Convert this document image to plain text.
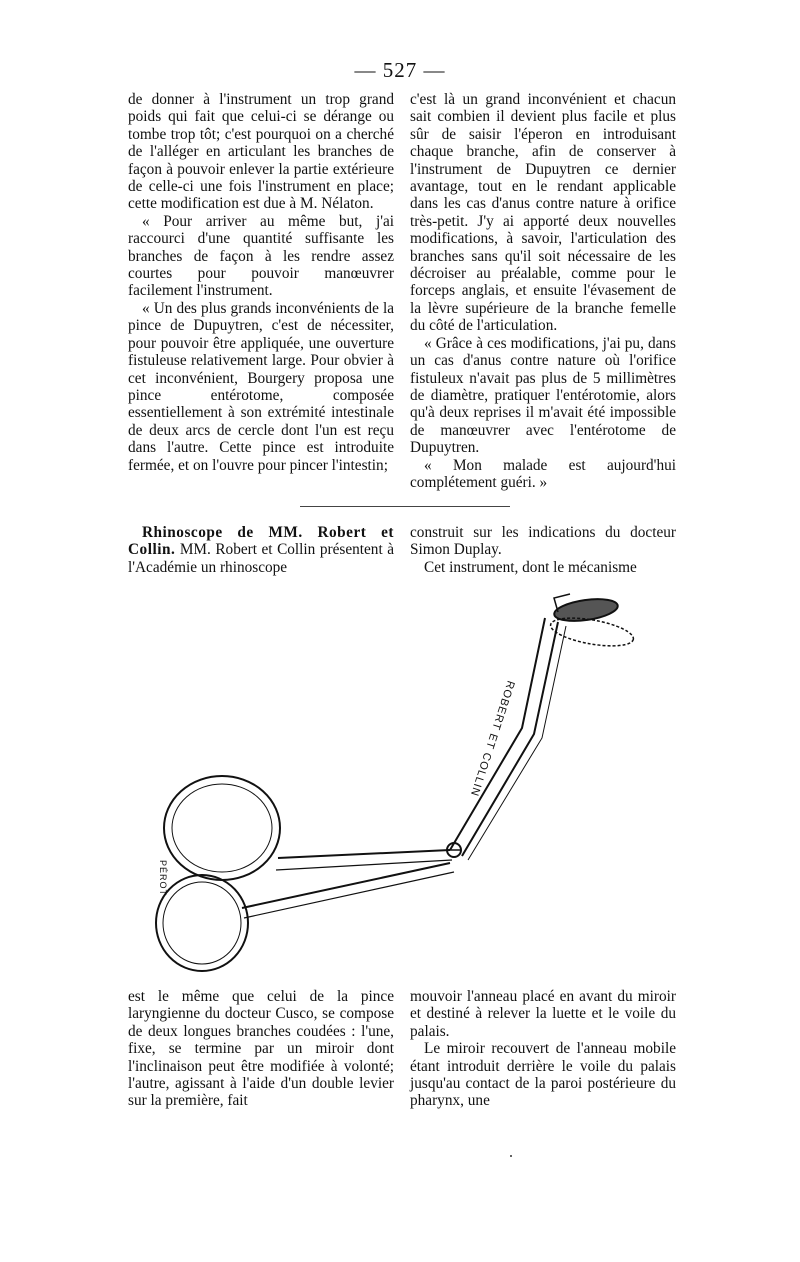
— 527 —

de donner à l'instrument un trop grand poids qui fait que celui-ci se dérange ou tombe trop tôt; c'est pourquoi on a cherché de l'alléger en articulant les branches de façon à pouvoir enlever la partie extérieure de celle-ci une fois l'instrument en place; cette modification est due à M. Nélaton.

« Pour arriver au même but, j'ai raccourci d'une quantité suffisante les branches de façon à les rendre assez courtes pour pouvoir manœuvrer facilement l'instrument.

« Un des plus grands inconvénients de la pince de Dupuytren, c'est de nécessiter, pour pouvoir être appliquée, une ouverture fistuleuse relativement large. Pour obvier à cet inconvénient, Bourgery proposa une pince entérotome, composée essentiellement à son extrémité intestinale de deux arcs de cercle dont l'un est reçu dans l'autre. Cette pince est introduite fermée, et on l'ouvre pour pincer l'intestin;

c'est là un grand inconvénient et chacun sait combien il devient plus facile et plus sûr de saisir l'éperon en introduisant chaque branche, afin de conserver à l'instrument de Dupuytren ce dernier avantage, tout en le rendant applicable dans les cas d'anus contre nature à orifice très-petit. J'y ai apporté deux nouvelles modifications, à savoir, l'articulation des branches sans qu'il soit nécessaire de les décroiser au préalable, comme pour le forceps anglais, et ensuite l'évasement de la lèvre supérieure de la branche femelle du côté de l'articulation.

« Grâce à ces modifications, j'ai pu, dans un cas d'anus contre nature où l'orifice fistuleux n'avait pas plus de 5 millimètres de diamètre, pratiquer l'entérotomie, alors qu'à deux reprises il m'avait été impossible de manœuvrer avec l'entérotome de Dupuytren.

« Mon malade est aujourd'hui complétement guéri. »

Rhinoscope de MM. Robert et Collin. MM. Robert et Collin présentent à l'Académie un rhinoscope

construit sur les indications du docteur Simon Duplay.

Cet instrument, dont le mécanisme

ROBERT ET COLLIN
PÉROT

est le même que celui de la pince laryngienne du docteur Cusco, se compose de deux longues branches coudées : l'une, fixe, se termine par un miroir dont l'inclinaison peut être modifiée à volonté; l'autre, agissant à l'aide d'un double levier sur la première, fait

mouvoir l'anneau placé en avant du miroir et destiné à relever la luette et le voile du palais.

Le miroir recouvert de l'anneau mobile étant introduit derrière le voile du palais jusqu'au contact de la paroi postérieure du pharynx, une
